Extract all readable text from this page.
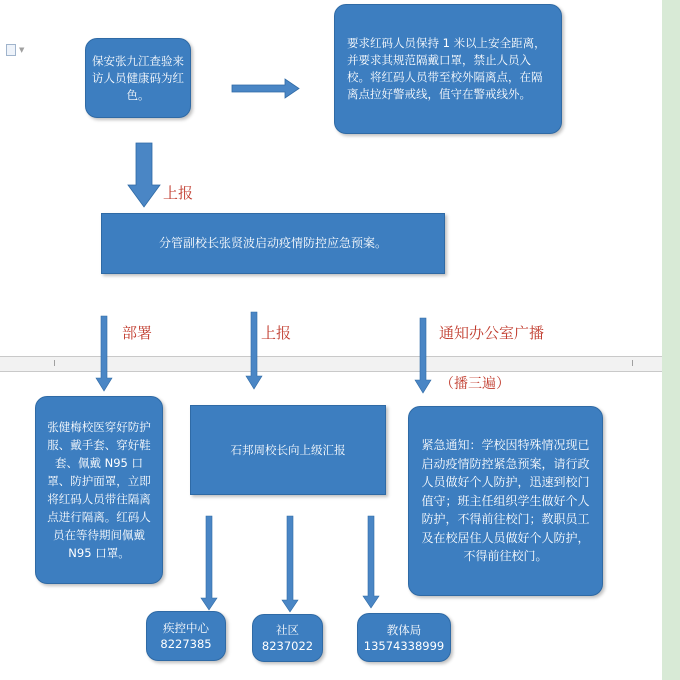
▼
保安张九江查验来访人员健康码为红色。
要求红码人员保持 1 米以上安全距离，并要求其规范隔戴口罩，禁止人员入校。将红码人员带至校外隔离点，在隔离点拉好警戒线，值守在警戒线外。
分管副校长张贤波启动疫情防控应急预案。
张健梅校医穿好防护服、戴手套、穿好鞋套、佩戴 N95 口罩、防护面罩，立即将红码人员带往隔离点进行隔离。红码人员在等待期间佩戴 N95 口罩。
石邦周校长向上级汇报	紧急通知：学校因特殊情况现已启动疫情防控紧急预案，请行政人员做好个人防护，迅速到校门值守；班主任组织学生做好个人防护，不得前往校门；教职员工及在校居住人员做好个人防护，不得前往校门。
疾控中心
8227385
社区
8237022
教体局
13574338999
上报
部署	上报	通知办公室广播
（播三遍）
